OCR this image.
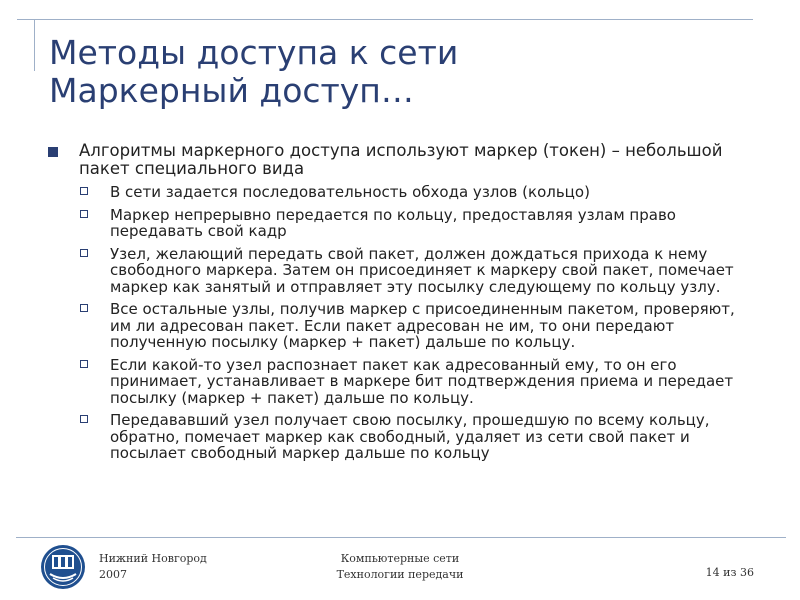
Методы доступа к сети
Маркерный доступ…
Алгоритмы маркерного доступа используют маркер (токен) – небольшой пакет специального вида
В сети задается последовательность обхода узлов (кольцо)
Маркер непрерывно передается по кольцу, предоставляя узлам право передавать свой кадр
Узел, желающий передать свой пакет, должен дождаться прихода к нему свободного маркера. Затем он присоединяет к маркеру свой пакет, помечает маркер как занятый и отправляет эту посылку следующему по кольцу узлу.
Все остальные узлы, получив маркер с присоединенным пакетом, проверяют, им ли адресован пакет. Если пакет адресован не им, то они передают полученную посылку (маркер + пакет) дальше по кольцу.
Если какой-то узел распознает пакет как адресованный ему, то он его принимает, устанавливает в маркере бит подтверждения приема и передает посылку (маркер + пакет) дальше по кольцу.
Передававший узел получает свою посылку, прошедшую по всему кольцу, обратно, помечает маркер как свободный, удаляет из сети свой пакет и посылает свободный маркер дальше по кольцу
Нижний Новгород
2007
Компьютерные сети
Технологии передачи	14 из 36
